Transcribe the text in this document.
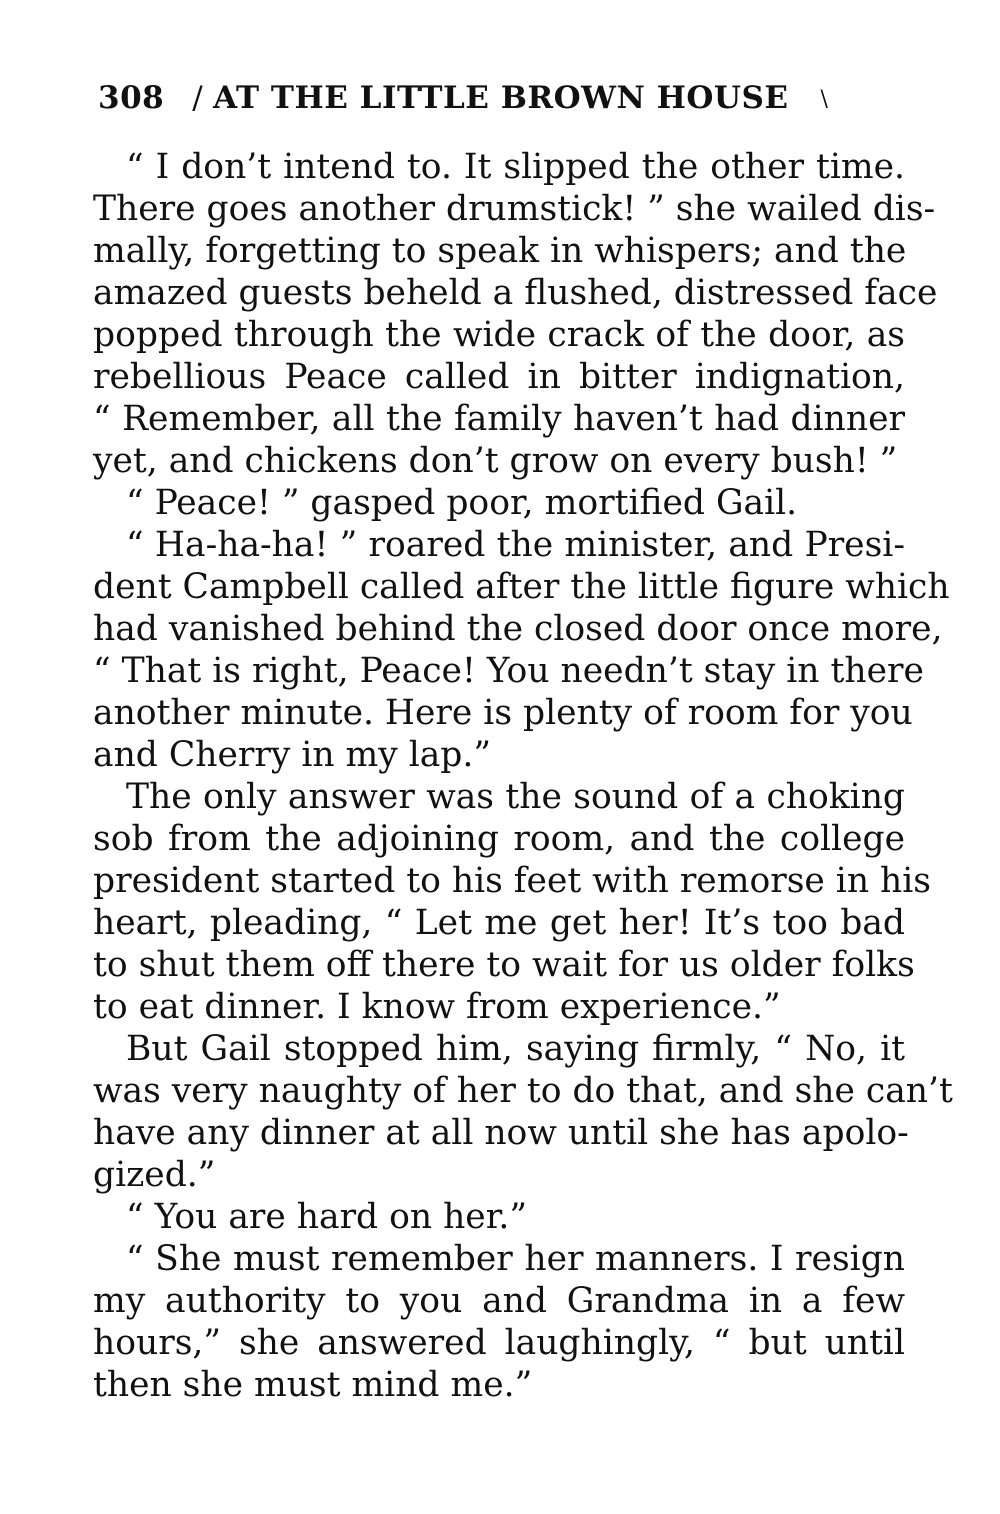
308 / AT THE LITTLE BROWN HOUSE \
“ I don’t intend to. It slipped the other time.
There goes another drumstick! ” she wailed dis-
mally, forgetting to speak in whispers; and the
amazed guests beheld a flushed, distressed face
popped through the wide crack of the door, as
rebellious Peace called in bitter indignation,
“ Remember, all the family haven’t had dinner
yet, and chickens don’t grow on every bush! ”
“ Peace! ” gasped poor, mortified Gail.
“ Ha-ha-ha! ” roared the minister, and Presi-
dent Campbell called after the little figure which
had vanished behind the closed door once more,
“ That is right, Peace! You needn’t stay in there
another minute. Here is plenty of room for you
and Cherry in my lap.”
The only answer was the sound of a choking
sob from the adjoining room, and the college
president started to his feet with remorse in his
heart, pleading, “ Let me get her! It’s too bad
to shut them off there to wait for us older folks
to eat dinner. I know from experience.”
But Gail stopped him, saying firmly, “ No, it
was very naughty of her to do that, and she can’t
have any dinner at all now until she has apolo-
gized.”
“ You are hard on her.”
“ She must remember her manners. I resign
my authority to you and Grandma in a few
hours,” she answered laughingly, “ but until
then she must mind me.”
